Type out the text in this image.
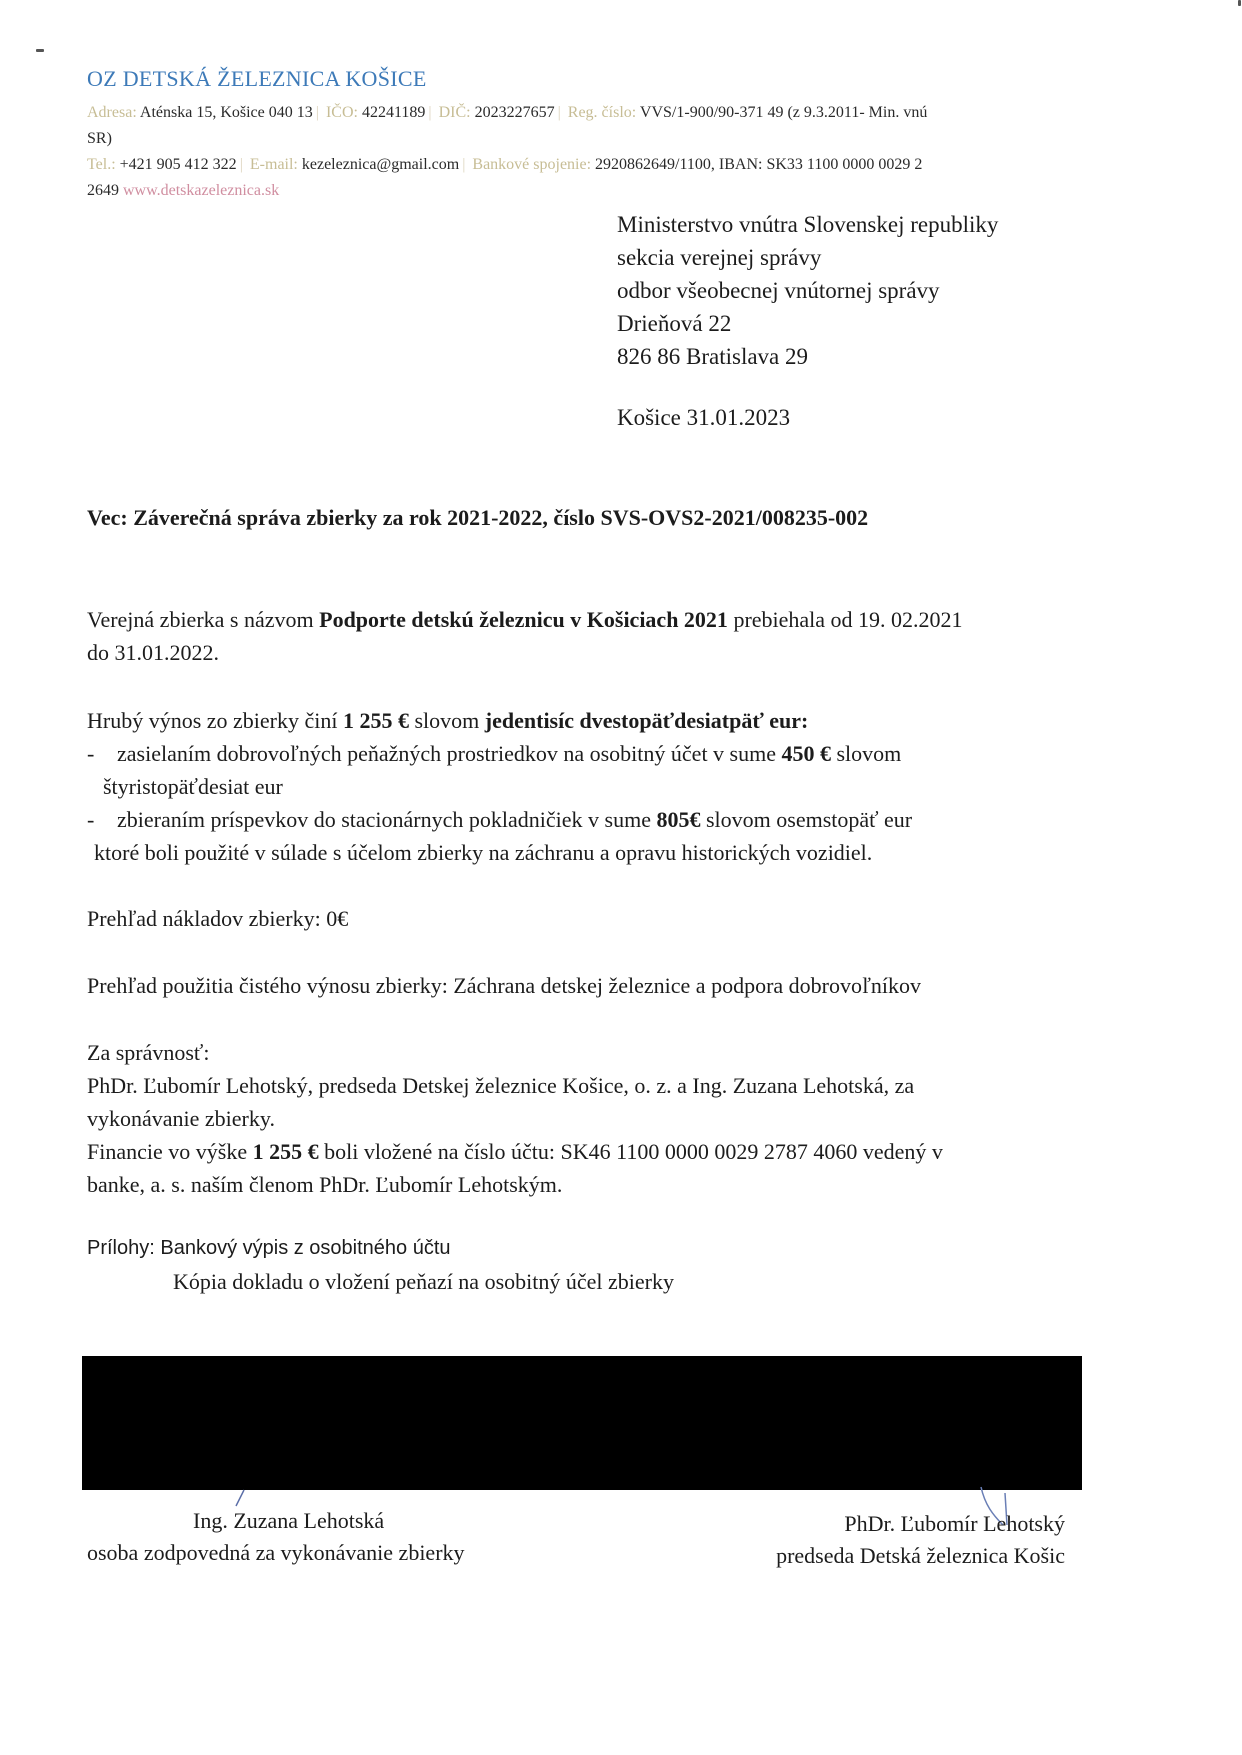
OZ DETSKÁ ŽELEZNICA KOŠICE
Adresa: Aténska 15, Košice 040 13 | IČO: 42241189 | DIČ: 2023227657 | Reg. číslo: VVS/1-900/90-371 49 (z 9.3.2011- Min. vnú
SR)
Tel.: +421 905 412 322 | E-mail: kezeleznica@gmail.com | Bankové spojenie: 2920862649/1100, IBAN: SK33 1100 0000 0029 2
2649 www.detskazeleznica.sk
Ministerstvo vnútra Slovenskej republiky
sekcia verejnej správy
odbor všeobecnej vnútornej správy
Drieňová 22
826 86 Bratislava 29
Košice 31.01.2023
Vec: Záverečná správa zbierky za rok 2021-2022, číslo SVS-OVS2-2021/008235-002
Verejná zbierka s názvom Podporte detskú železnicu v Košiciach 2021 prebiehala od 19. 02.2021
do 31.01.2022.
Hrubý výnos zo zbierky činí 1 255 € slovom jedentisíc dvestopäťdesiatpäť eur:
- zasielaním dobrovoľných peňažných prostriedkov na osobitný účet v sume 450 € slovom
štyristopäťdesiat eur
- zbieraním príspevkov do stacionárnych pokladničiek v sume 805€ slovom osemstopäť eur
ktoré boli použité v súlade s účelom zbierky na záchranu a opravu historických vozidiel.
Prehľad nákladov zbierky: 0€
Prehľad použitia čistého výnosu zbierky: Záchrana detskej železnice a podpora dobrovoľníkov
Za správnosť:
PhDr. Ľubomír Lehotský, predseda Detskej železnice Košice, o. z. a Ing. Zuzana Lehotská, za
vykonávanie zbierky.
Financie vo výške 1 255 € boli vložené na číslo účtu: SK46 1100 0000 0029 2787 4060 vedený v
banke, a. s. naším členom PhDr. Ľubomír Lehotským.
Prílohy: Bankový výpis z osobitného účtu
Kópia dokladu o vložení peňazí na osobitný účel zbierky
Ing. Zuzana Lehotská
osoba zodpovedná za vykonávanie zbierky
PhDr. Ľubomír Lehotský
predseda Detská železnica Košic
